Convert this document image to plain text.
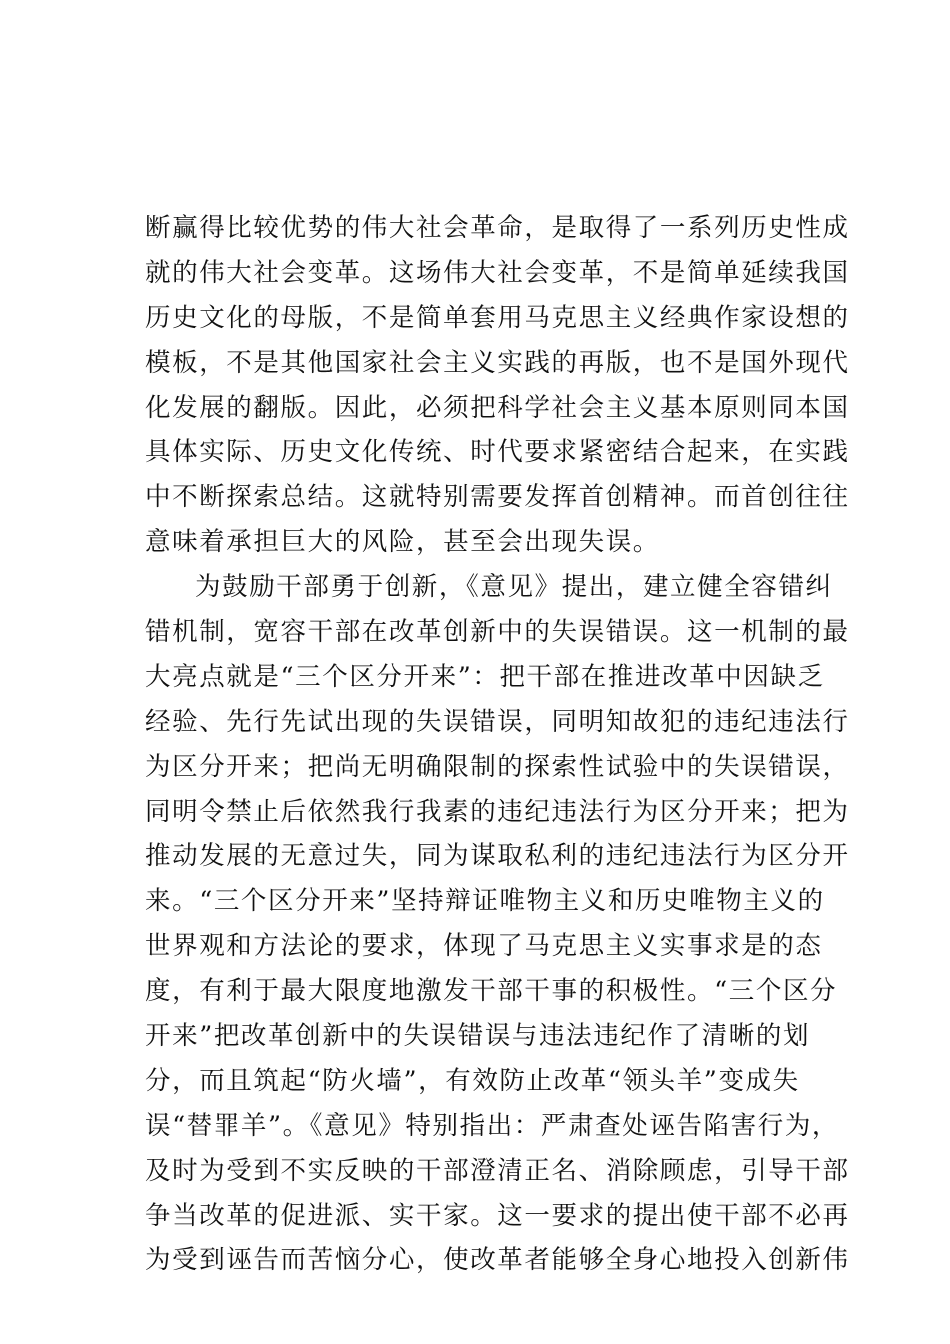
断赢得比较优势的伟大社会革命，是取得了一系列历史性成
就的伟大社会变革。这场伟大社会变革，不是简单延续我国
历史文化的母版，不是简单套用马克思主义经典作家设想的
模板，不是其他国家社会主义实践的再版，也不是国外现代
化发展的翻版。因此，必须把科学社会主义基本原则同本国
具体实际、历史文化传统、时代要求紧密结合起来，在实践
中不断探索总结。这就特别需要发挥首创精神。而首创往往
意味着承担巨大的风险，甚至会出现失误。
为鼓励干部勇于创新，《意见》提出，建立健全容错纠
错机制，宽容干部在改革创新中的失误错误。这一机制的最
大亮点就是“三个区分开来”：把干部在推进改革中因缺乏
经验、先行先试出现的失误错误，同明知故犯的违纪违法行
为区分开来；把尚无明确限制的探索性试验中的失误错误，
同明令禁止后依然我行我素的违纪违法行为区分开来；把为
推动发展的无意过失，同为谋取私利的违纪违法行为区分开
来。“三个区分开来”坚持辩证唯物主义和历史唯物主义的
世界观和方法论的要求，体现了马克思主义实事求是的态
度，有利于最大限度地激发干部干事的积极性。“三个区分
开来”把改革创新中的失误错误与违法违纪作了清晰的划
分，而且筑起“防火墙”，有效防止改革“领头羊”变成失
误“替罪羊”。《意见》特别指出：严肃查处诬告陷害行为，
及时为受到不实反映的干部澄清正名、消除顾虑，引导干部
争当改革的促进派、实干家。这一要求的提出使干部不必再
为受到诬告而苦恼分心，使改革者能够全身心地投入创新伟
